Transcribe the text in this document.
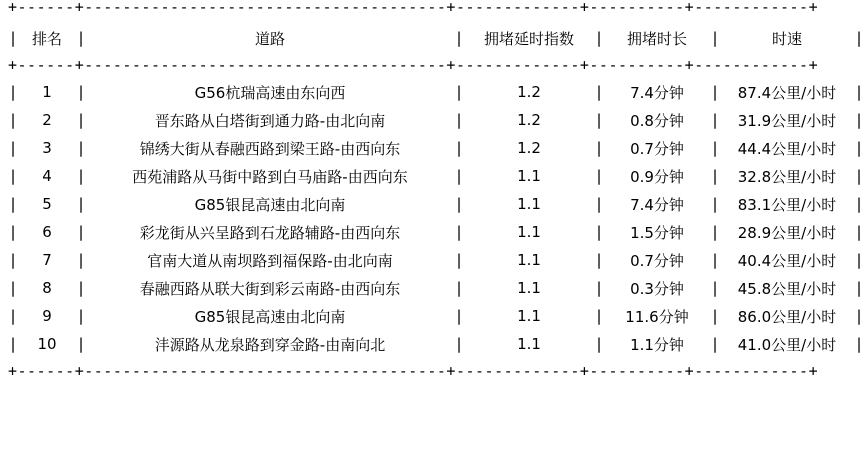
+------+--------------------------------------+-------------+----------+------------+
|	排名	|	道路	|	拥堵延时指数	|	拥堵时长	|	时速	|
+------+--------------------------------------+-------------+----------+------------+
|	1	|	G56杭瑞高速由东向西	|	1.2	|	7.4分钟	|	87.4公里/小时	|
|	2	|	晋东路从白塔街到通力路-由北向南	|	1.2	|	0.8分钟	|	31.9公里/小时	|
|	3	|	锦绣大街从春融西路到梁王路-由西向东	|	1.2	|	0.7分钟	|	44.4公里/小时	|
|	4	|	西苑浦路从马街中路到白马庙路-由西向东	|	1.1	|	0.9分钟	|	32.8公里/小时	|
|	5	|	G85银昆高速由北向南	|	1.1	|	7.4分钟	|	83.1公里/小时	|
|	6	|	彩龙街从兴呈路到石龙路辅路-由西向东	|	1.1	|	1.5分钟	|	28.9公里/小时	|
|	7	|	官南大道从南坝路到福保路-由北向南	|	1.1	|	0.7分钟	|	40.4公里/小时	|
|	8	|	春融西路从联大街到彩云南路-由西向东	|	1.1	|	0.3分钟	|	45.8公里/小时	|
|	9	|	G85银昆高速由北向南	|	1.1	|	11.6分钟	|	86.0公里/小时	|
|	10	|	沣源路从龙泉路到穿金路-由南向北	|	1.1	|	1.1分钟	|	41.0公里/小时	|
+------+--------------------------------------+-------------+----------+------------+
